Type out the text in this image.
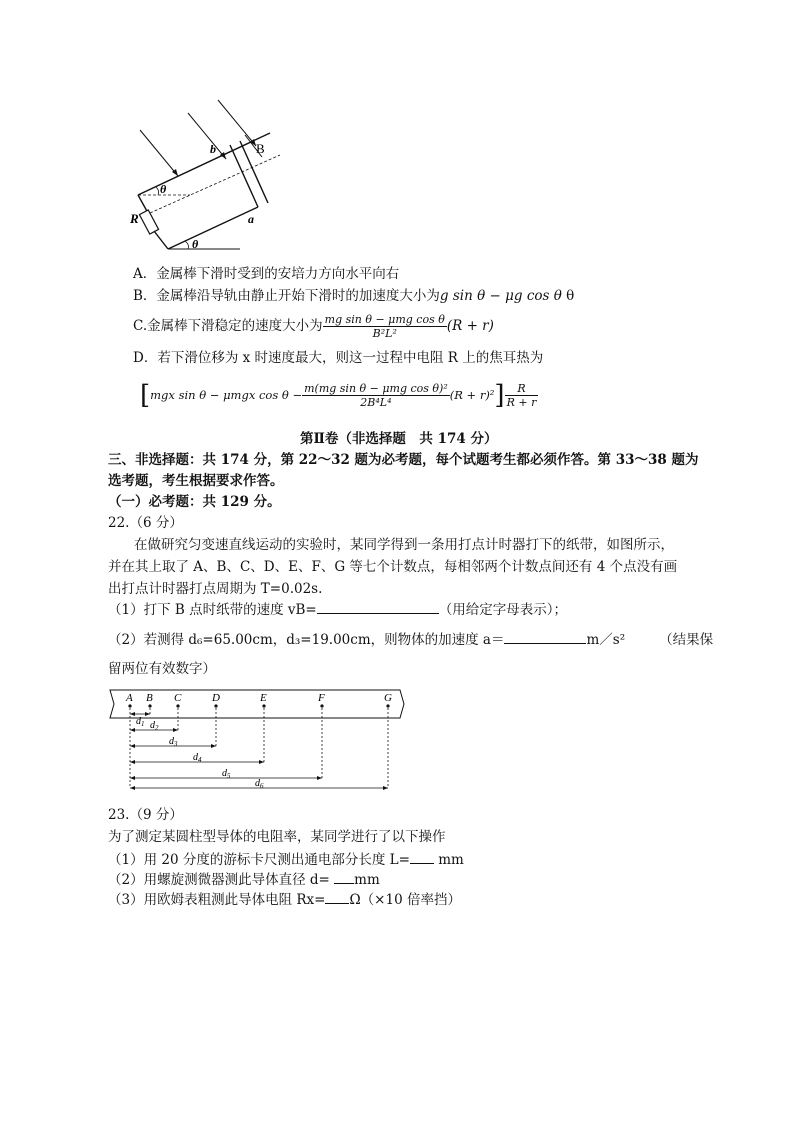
b	B
θ
R	a
θ
A．金属棒下滑时受到的安培力方向水平向右
B．金属棒沿导轨由静止开始下滑时的加速度大小为g sin θ − μg cos θ θ
C.金属棒下滑稳定的速度大小为 $\frac{\text{mg sin θ − μmg cos θ}}{\text{B²L²}} (R + r)$
D．若下滑位移为 x 时速度最大，则这一过程中电阻 R 上的焦耳热为
[mgx sin θ − μmgx $\cos \theta - \frac{\text{m(mg sin θ − μmg cos θ)²}}{\text{2B⁴L⁴}} (R + r)^2] \frac{R}{R + r}$
第Ⅱ卷（非选择题　共 174 分）
三、非选择题：共 174 分，第 22～32 题为必考题，每个试题考生都必须作答。第 33～38 题为
选考题，考生根据要求作答。
（一）必考题：共 129 分。
22.（6 分）
在做研究匀变速直线运动的实验时，某同学得到一条用打点计时器打下的纸带，如图所示，
并在其上取了 A、B、C、D、E、F、G 等七个计数点，每相邻两个计数点间还有 4 个点没有画
出打点计时器打点周期为 T=0.02s.
（1）打下 B 点时纸带的速度 vB=	（用给定字母表示）；
（2）若测得 d₆=65.00cm，d₃=19.00cm，则物体的加速度 a＝	m／s²	（结果保
留两位有效数字）
A B C	D	E	F	G
$d_1$ $d_2$
$d_3$
$d_4$
$d_5$
$d_6$
23.（9 分）
为了测定某圆柱型导体的电阻率，某同学进行了以下操作
（1）用 20 分度的游标卡尺测出通电部分长度 L= mm
（2）用螺旋测微器测此导体直径 d= mm
（3）用欧姆表粗测此导体电阻 Rx= Ω（×10 倍率挡）
